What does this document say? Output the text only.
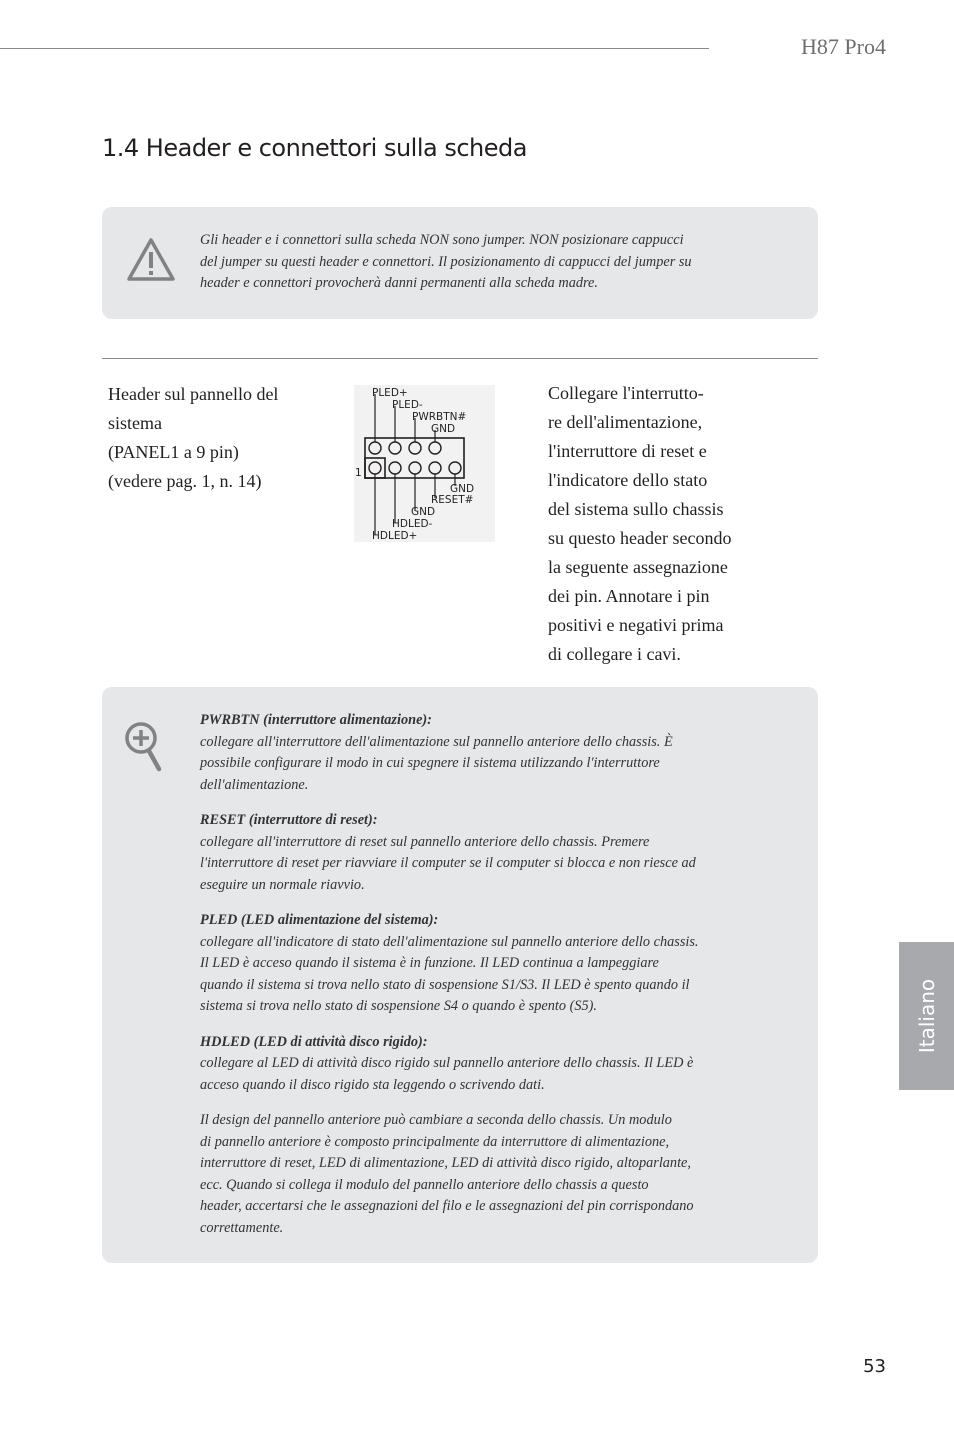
H87 Pro4
1.4 Header e connettori sulla scheda

Gli header e i connettori sulla scheda NON sono jumper. NON posizionare cappucci
del jumper su questi header e connettori. Il posizionamento di cappucci del jumper su
header e connettori provocherà danni permanenti alla scheda madre.

Header sul pannello del
sistema
(PANEL1 a 9 pin)
(vedere pag. 1, n. 14)
PLED+
PLED-
PWRBTN#
GND
GND
RESET#
GND
HDLED-
HDLED+
1
Collegare l'interrutto-
re dell'alimentazione,
l'interruttore di reset e
l'indicatore dello stato
del sistema sullo chassis
su questo header secondo
la seguente assegnazione
dei pin. Annotare i pin
positivi e negativi prima
di collegare i cavi.
PWRBTN (interruttore alimentazione):
collegare all'interruttore dell'alimentazione sul pannello anteriore dello chassis. È
possibile configurare il modo in cui spegnere il sistema utilizzando l'interruttore
dell'alimentazione.
RESET (interruttore di reset):
collegare all'interruttore di reset sul pannello anteriore dello chassis. Premere
l'interruttore di reset per riavviare il computer se il computer si blocca e non riesce ad
eseguire un normale riavvio.
PLED (LED alimentazione del sistema):
collegare all'indicatore di stato dell'alimentazione sul pannello anteriore dello chassis.
Il LED è acceso quando il sistema è in funzione. Il LED continua a lampeggiare
quando il sistema si trova nello stato di sospensione S1/S3. Il LED è spento quando il
sistema si trova nello stato di sospensione S4 o quando è spento (S5).
HDLED (LED di attività disco rigido):
collegare al LED di attività disco rigido sul pannello anteriore dello chassis. Il LED è
acceso quando il disco rigido sta leggendo o scrivendo dati.
Il design del pannello anteriore può cambiare a seconda dello chassis. Un modulo
di pannello anteriore è composto principalmente da interruttore di alimentazione,
interruttore di reset, LED di alimentazione, LED di attività disco rigido, altoparlante,
ecc. Quando si collega il modulo del pannello anteriore dello chassis a questo
header, accertarsi che le assegnazioni del filo e le assegnazioni del pin corrispondano
correttamente.
Italiano
53
